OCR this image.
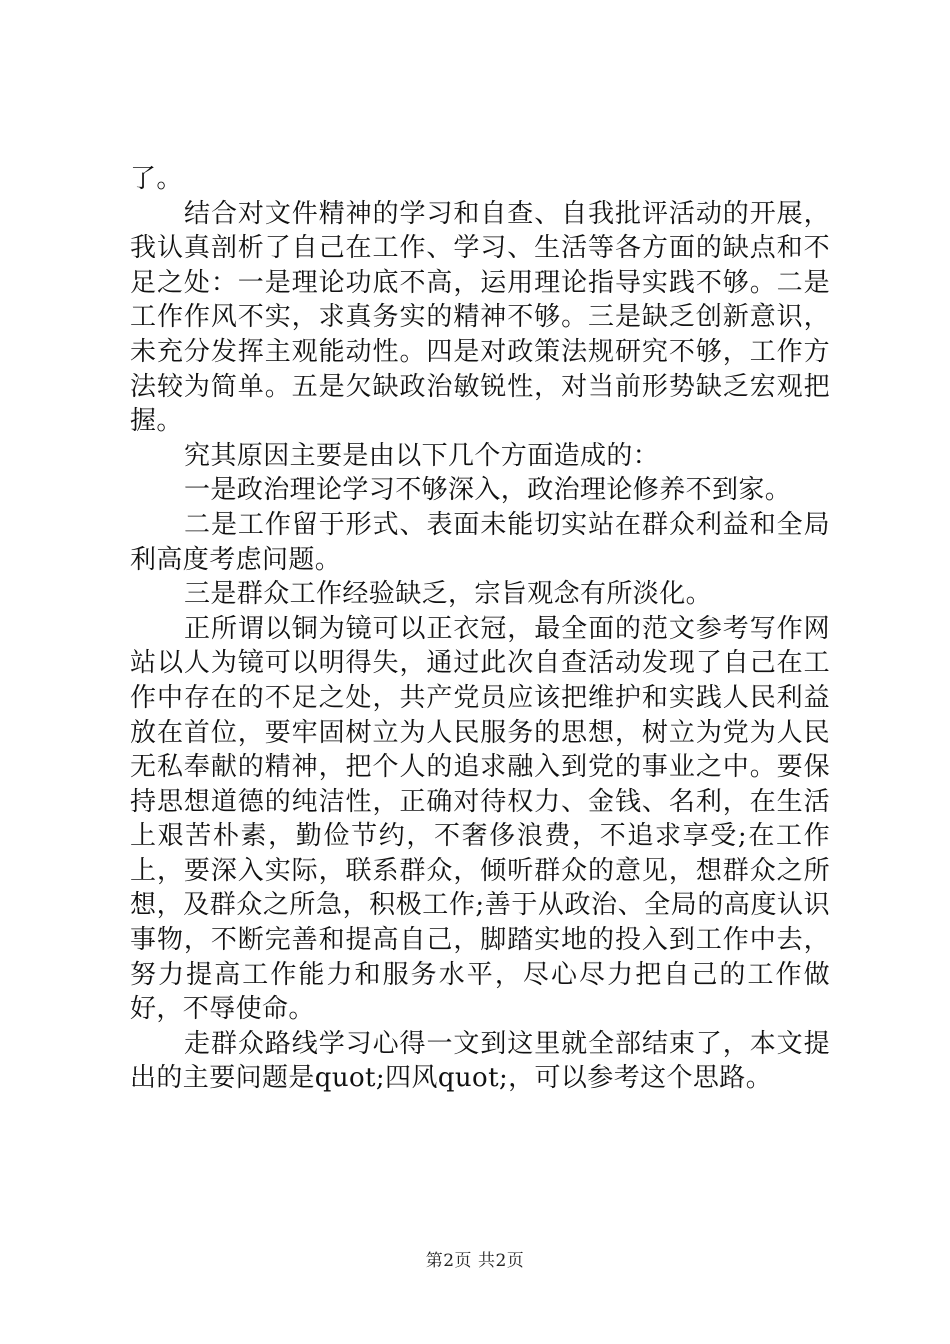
了。

结合对文件精神的学习和自查、自我批评活动的开展，我认真剖析了自己在工作、学习、生活等各方面的缺点和不足之处：一是理论功底不高，运用理论指导实践不够。二是工作作风不实，求真务实的精神不够。三是缺乏创新意识，未充分发挥主观能动性。四是对政策法规研究不够，工作方法较为简单。五是欠缺政治敏锐性，对当前形势缺乏宏观把握。

究其原因主要是由以下几个方面造成的：

一是政治理论学习不够深入，政治理论修养不到家。

二是工作留于形式、表面未能切实站在群众利益和全局利高度考虑问题。

三是群众工作经验缺乏，宗旨观念有所淡化。

正所谓以铜为镜可以正衣冠，最全面的范文参考写作网站以人为镜可以明得失，通过此次自查活动发现了自己在工作中存在的不足之处，共产党员应该把维护和实践人民利益放在首位，要牢固树立为人民服务的思想，树立为党为人民无私奉献的精神，把个人的追求融入到党的事业之中。要保持思想道德的纯洁性，正确对待权力、金钱、名利，在生活上艰苦朴素，勤俭节约，不奢侈浪费，不追求享受;在工作上，要深入实际，联系群众，倾听群众的意见，想群众之所想，及群众之所急，积极工作;善于从政治、全局的高度认识事物，不断完善和提高自己，脚踏实地的投入到工作中去，努力提高工作能力和服务水平，尽心尽力把自己的工作做好，不辱使命。

走群众路线学习心得一文到这里就全部结束了，本文提出的主要问题是quot;四风quot;，可以参考这个思路。

第2页 共2页
